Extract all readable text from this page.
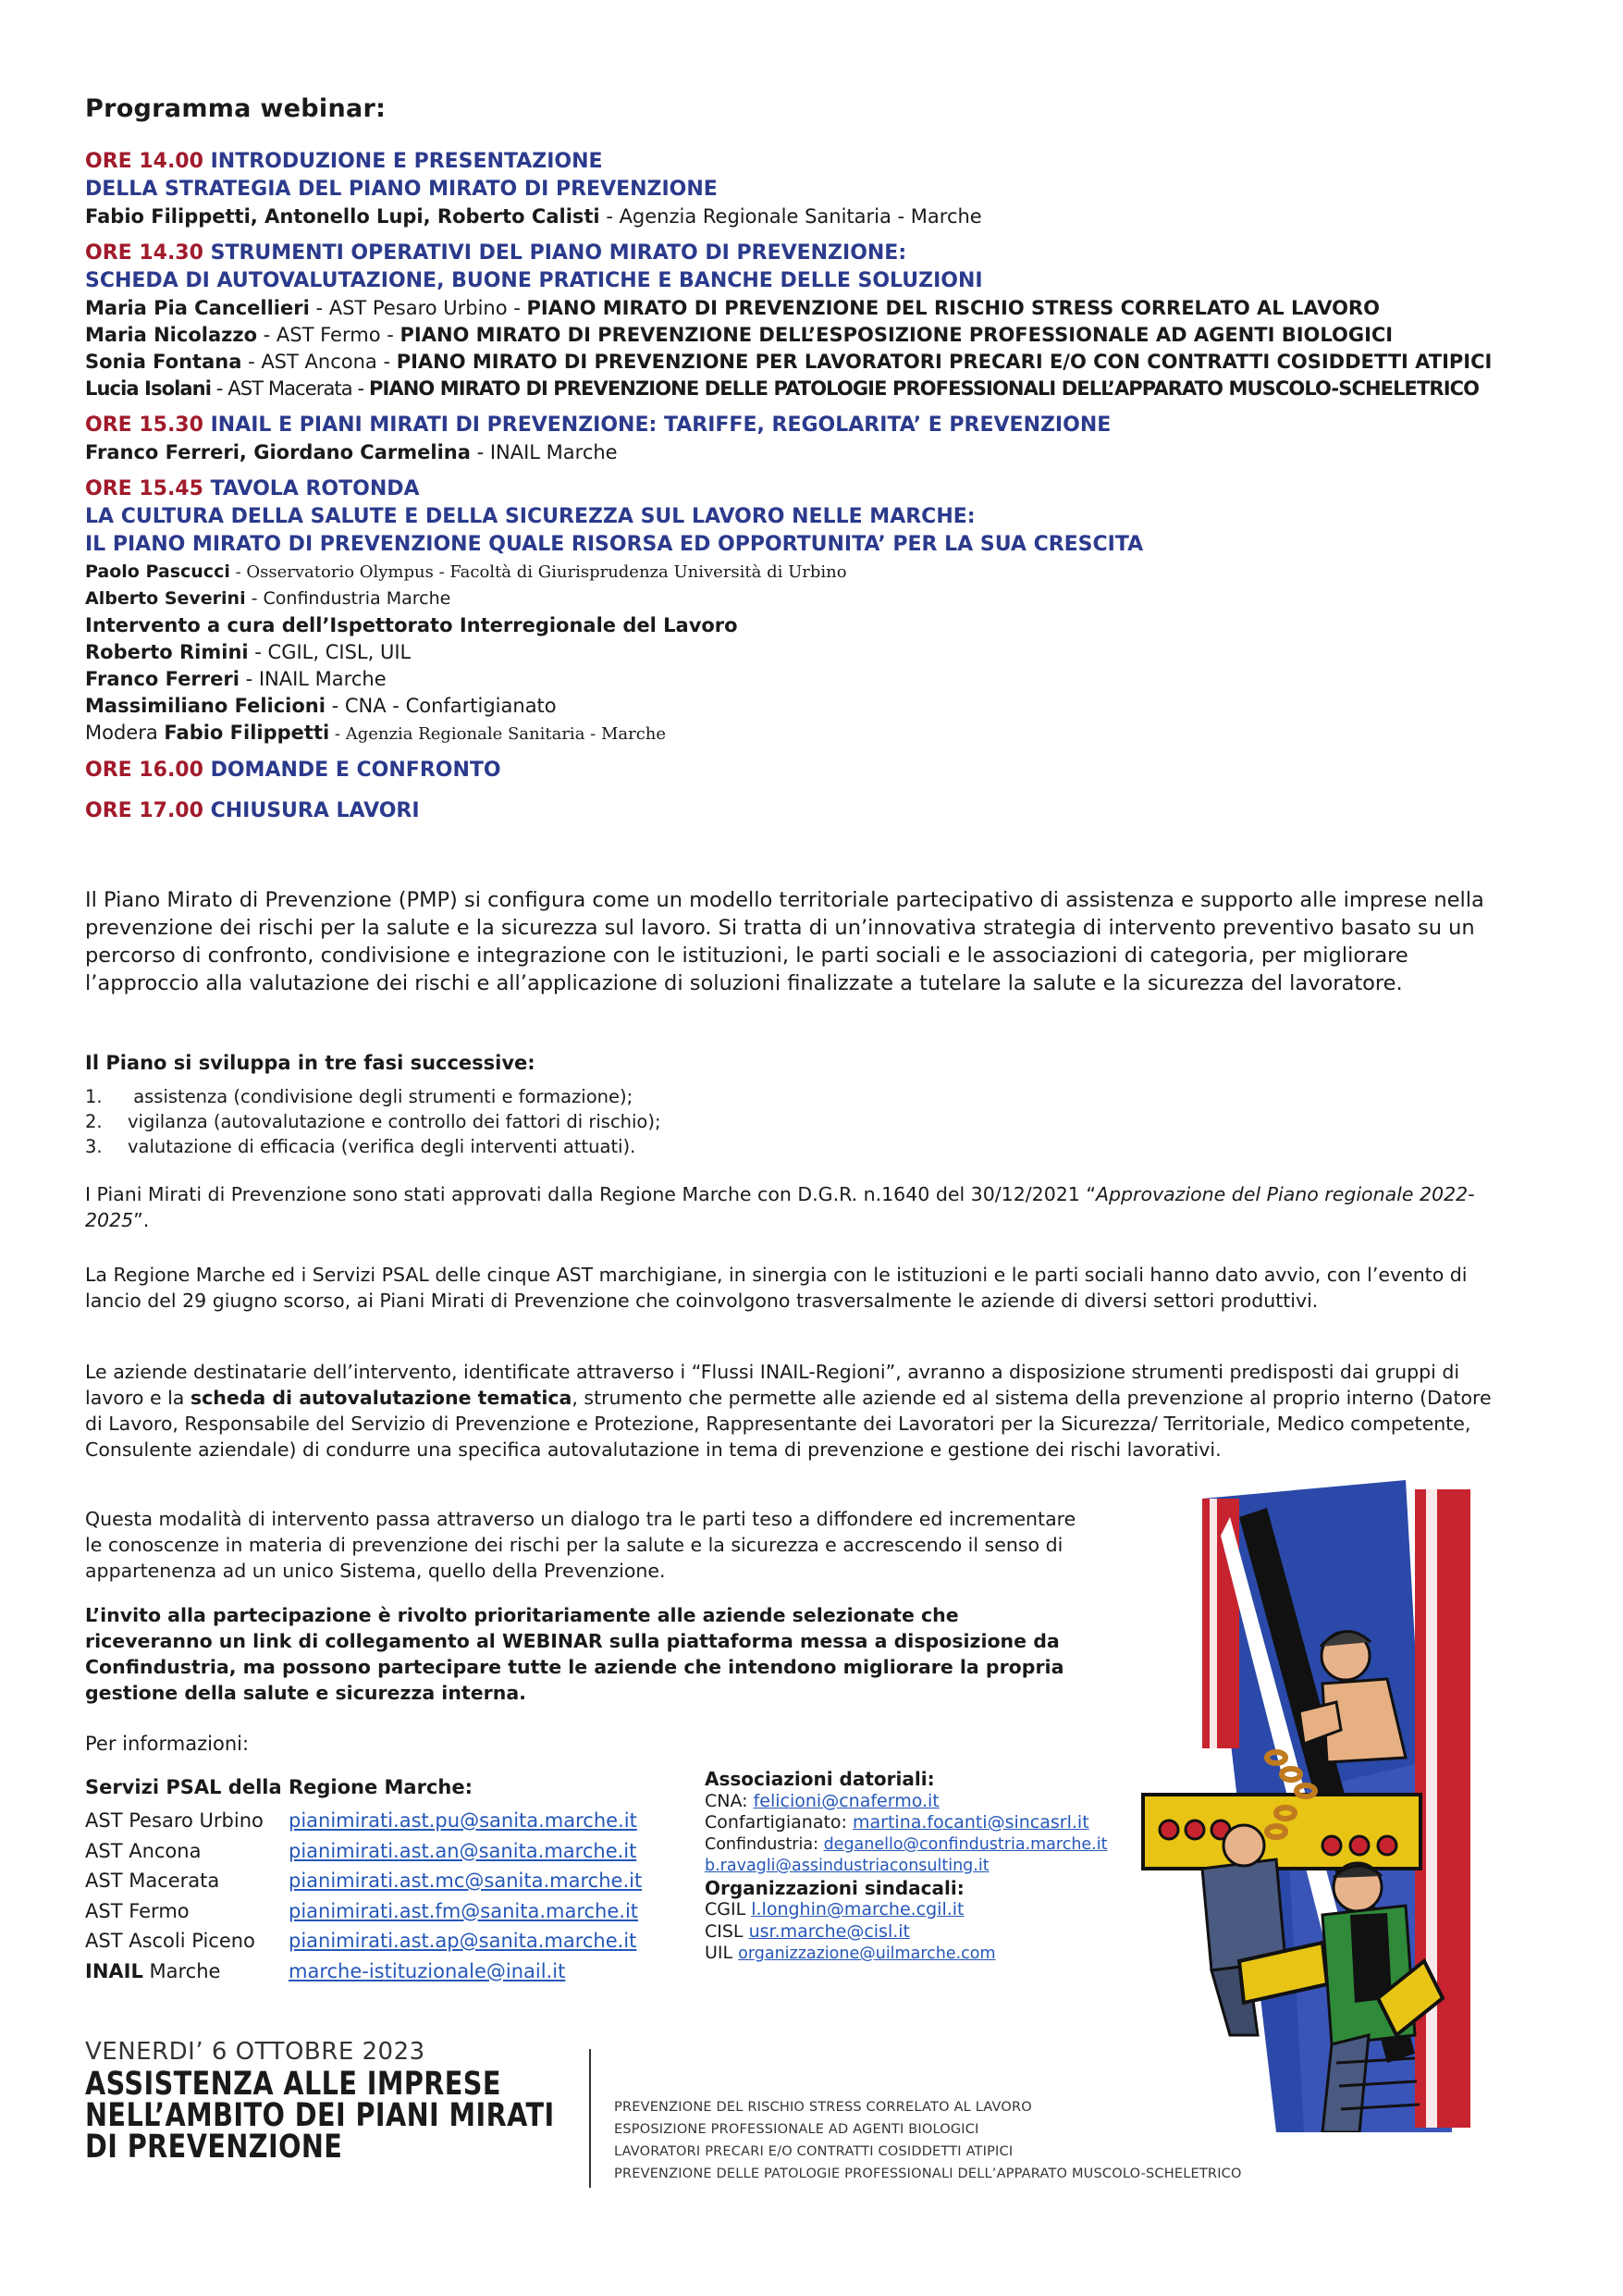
Programma webinar:
ORE 14.00 INTRODUZIONE E PRESENTAZIONE
DELLA STRATEGIA DEL PIANO MIRATO DI PREVENZIONE
Fabio Filippetti, Antonello Lupi, Roberto Calisti - Agenzia Regionale Sanitaria - Marche
ORE 14.30 STRUMENTI OPERATIVI DEL PIANO MIRATO DI PREVENZIONE:
SCHEDA DI AUTOVALUTAZIONE, BUONE PRATICHE E BANCHE DELLE SOLUZIONI
Maria Pia Cancellieri - AST Pesaro Urbino - PIANO MIRATO DI PREVENZIONE DEL RISCHIO STRESS CORRELATO AL LAVORO
Maria Nicolazzo - AST Fermo - PIANO MIRATO DI PREVENZIONE DELL’ESPOSIZIONE PROFESSIONALE AD AGENTI BIOLOGICI
Sonia Fontana - AST Ancona - PIANO MIRATO DI PREVENZIONE PER LAVORATORI PRECARI E/O CON CONTRATTI COSIDDETTI ATIPICI
Lucia Isolani - AST Macerata - PIANO MIRATO DI PREVENZIONE DELLE PATOLOGIE PROFESSIONALI DELL’APPARATO MUSCOLO-SCHELETRICO
ORE 15.30 INAIL E PIANI MIRATI DI PREVENZIONE: TARIFFE, REGOLARITA’ E PREVENZIONE
Franco Ferreri, Giordano Carmelina - INAIL Marche
ORE 15.45 TAVOLA ROTONDA
LA CULTURA DELLA SALUTE E DELLA SICUREZZA SUL LAVORO NELLE MARCHE:
IL PIANO MIRATO DI PREVENZIONE QUALE RISORSA ED OPPORTUNITA’ PER LA SUA CRESCITA
Paolo Pascucci - Osservatorio Olympus - Facoltà di Giurisprudenza Università di Urbino
Alberto Severini - Confindustria Marche
Intervento a cura dell’Ispettorato Interregionale del Lavoro
Roberto Rimini - CGIL, CISL, UIL
Franco Ferreri - INAIL Marche
Massimiliano Felicioni - CNA - Confartigianato
Modera Fabio Filippetti - Agenzia Regionale Sanitaria - Marche
ORE 16.00 DOMANDE E CONFRONTO
ORE 17.00 CHIUSURA LAVORI
Il Piano Mirato di Prevenzione (PMP) si configura come un modello territoriale partecipativo di assistenza e supporto alle imprese nella prevenzione dei rischi per la salute e la sicurezza sul lavoro. Si tratta di un’innovativa strategia di intervento preventivo basato su un percorso di confronto, condivisione e integrazione con le istituzioni, le parti sociali e le associazioni di categoria, per migliorare l’approccio alla valutazione dei rischi e all’applicazione di soluzioni finalizzate a tutelare la salute e la sicurezza del lavoratore.
Il Piano si sviluppa in tre fasi successive:
1. assistenza (condivisione degli strumenti e formazione);
2. vigilanza (autovalutazione e controllo dei fattori di rischio);
3. valutazione di efficacia (verifica degli interventi attuati).
I Piani Mirati di Prevenzione sono stati approvati dalla Regione Marche con D.G.R. n.1640 del 30/12/2021 “Approvazione del Piano regionale 2022-2025”.
La Regione Marche ed i Servizi PSAL delle cinque AST marchigiane, in sinergia con le istituzioni e le parti sociali hanno dato avvio, con l’evento di lancio del 29 giugno scorso, ai Piani Mirati di Prevenzione che coinvolgono trasversalmente le aziende di diversi settori produttivi.
Le aziende destinatarie dell’intervento, identificate attraverso i “Flussi INAIL-Regioni”, avranno a disposizione strumenti predisposti dai gruppi di lavoro e la scheda di autovalutazione tematica, strumento che permette alle aziende ed al sistema della prevenzione al proprio interno (Datore di Lavoro, Responsabile del Servizio di Prevenzione e Protezione, Rappresentante dei Lavoratori per la Sicurezza/ Territoriale, Medico competente, Consulente aziendale) di condurre una specifica autovalutazione in tema di prevenzione e gestione dei rischi lavorativi.
Questa modalità di intervento passa attraverso un dialogo tra le parti teso a diffondere ed incrementare le conoscenze in materia di prevenzione dei rischi per la salute e la sicurezza e accrescendo il senso di appartenenza ad un unico Sistema, quello della Prevenzione.
L’invito alla partecipazione è rivolto prioritariamente alle aziende selezionate che riceveranno un link di collegamento al WEBINAR sulla piattaforma messa a disposizione da Confindustria, ma possono partecipare tutte le aziende che intendono migliorare la propria gestione della salute e sicurezza interna.
Per informazioni:
Servizi PSAL della Regione Marche:
AST Pesaro Urbino pianimirati.ast.pu@sanita.marche.it
AST Ancona	pianimirati.ast.an@sanita.marche.it
AST Macerata	pianimirati.ast.mc@sanita.marche.it
AST Fermo	pianimirati.ast.fm@sanita.marche.it
AST Ascoli Piceno pianimirati.ast.ap@sanita.marche.it
INAIL Marche	marche-istituzionale@inail.it
Associazioni datoriali:
CNA: felicioni@cnafermo.it
Confartigianato: martina.focanti@sincasrl.it
Confindustria: deganello@confindustria.marche.it
b.ravagli@assindustriaconsulting.it
Organizzazioni sindacali:
CGIL l.longhin@marche.cgil.it
CISL usr.marche@cisl.it
UIL organizzazione@uilmarche.com
VENERDI’ 6 OTTOBRE 2023
ASSISTENZA ALLE IMPRESE
NELL’AMBITO DEI PIANI MIRATI
DI PREVENZIONE
PREVENZIONE DEL RISCHIO STRESS CORRELATO AL LAVORO
ESPOSIZIONE PROFESSIONALE AD AGENTI BIOLOGICI
LAVORATORI PRECARI E/O CONTRATTI COSIDDETTI ATIPICI
PREVENZIONE DELLE PATOLOGIE PROFESSIONALI DELL’APPARATO MUSCOLO-SCHELETRICO
